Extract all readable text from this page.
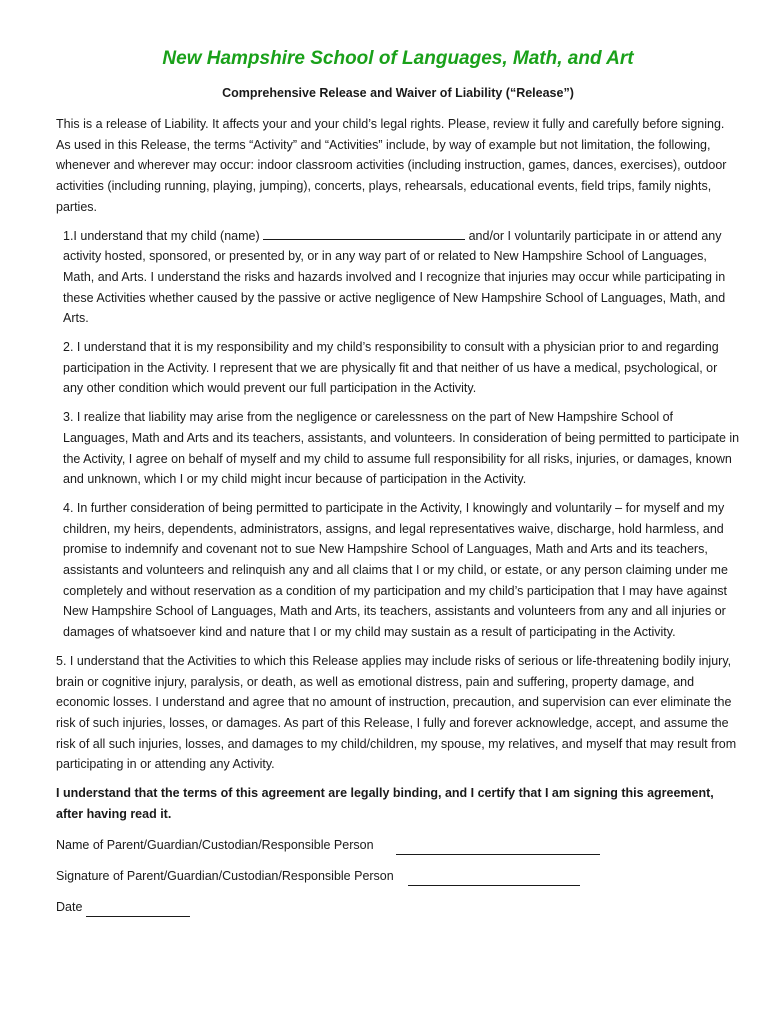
New Hampshire School of Languages, Math, and Art
Comprehensive Release and Waiver of Liability (“Release”)

This is a release of Liability. It affects your and your child’s legal rights. Please, review it fully and carefully before signing. As used in this Release, the terms “Activity” and “Activities” include, by way of example but not limitation, the following, whenever and wherever may occur: indoor classroom activities (including instruction, games, dances, exercises), outdoor activities (including running, playing, jumping), concerts, plays, rehearsals, educational events, field trips, family nights, parties.

1.I understand that my child (name)	and/or I voluntarily participate in or attend any activity hosted, sponsored, or presented by, or in any way part of or related to New Hampshire School of Languages, Math, and Arts. I understand the risks and hazards involved and I recognize that injuries may occur while participating in these Activities whether caused by the passive or active negligence of New Hampshire School of Languages, Math, and Arts.

2. I understand that it is my responsibility and my child’s responsibility to consult with a physician prior to and regarding participation in the Activity. I represent that we are physically fit and that neither of us have a medical, psychological, or any other condition which would prevent our full participation in the Activity.

3. I realize that liability may arise from the negligence or carelessness on the part of New Hampshire School of Languages, Math and Arts and its teachers, assistants, and volunteers. In consideration of being permitted to participate in the Activity, I agree on behalf of myself and my child to assume full responsibility for all risks, injuries, or damages, known and unknown, which I or my child might incur because of participation in the Activity.

4. In further consideration of being permitted to participate in the Activity, I knowingly and voluntarily – for myself and my children, my heirs, dependents, administrators, assigns, and legal representatives waive, discharge, hold harmless, and promise to indemnify and covenant not to sue New Hampshire School of Languages, Math and Arts and its teachers, assistants and volunteers and relinquish any and all claims that I or my child, or estate, or any person claiming under me completely and without reservation as a condition of my participation and my child’s participation that I may have against New Hampshire School of Languages, Math and Arts, its teachers, assistants and volunteers from any and all injuries or damages of whatsoever kind and nature that I or my child may sustain as a result of participating in the Activity.

5. I understand that the Activities to which this Release applies may include risks of serious or life-threatening bodily injury, brain or cognitive injury, paralysis, or death, as well as emotional distress, pain and suffering, property damage, and economic losses. I understand and agree that no amount of instruction, precaution, and supervision can ever eliminate the risk of such injuries, losses, or damages. As part of this Release, I fully and forever acknowledge, accept, and assume the risk of all such injuries, losses, and damages to my child/children, my spouse, my relatives, and myself that may result from participating in or attending any Activity.

I understand that the terms of this agreement are legally binding, and I certify that I am signing this agreement, after having read it.

Name of Parent/Guardian/Custodian/Responsible Person
Signature of Parent/Guardian/Custodian/Responsible Person
Date
